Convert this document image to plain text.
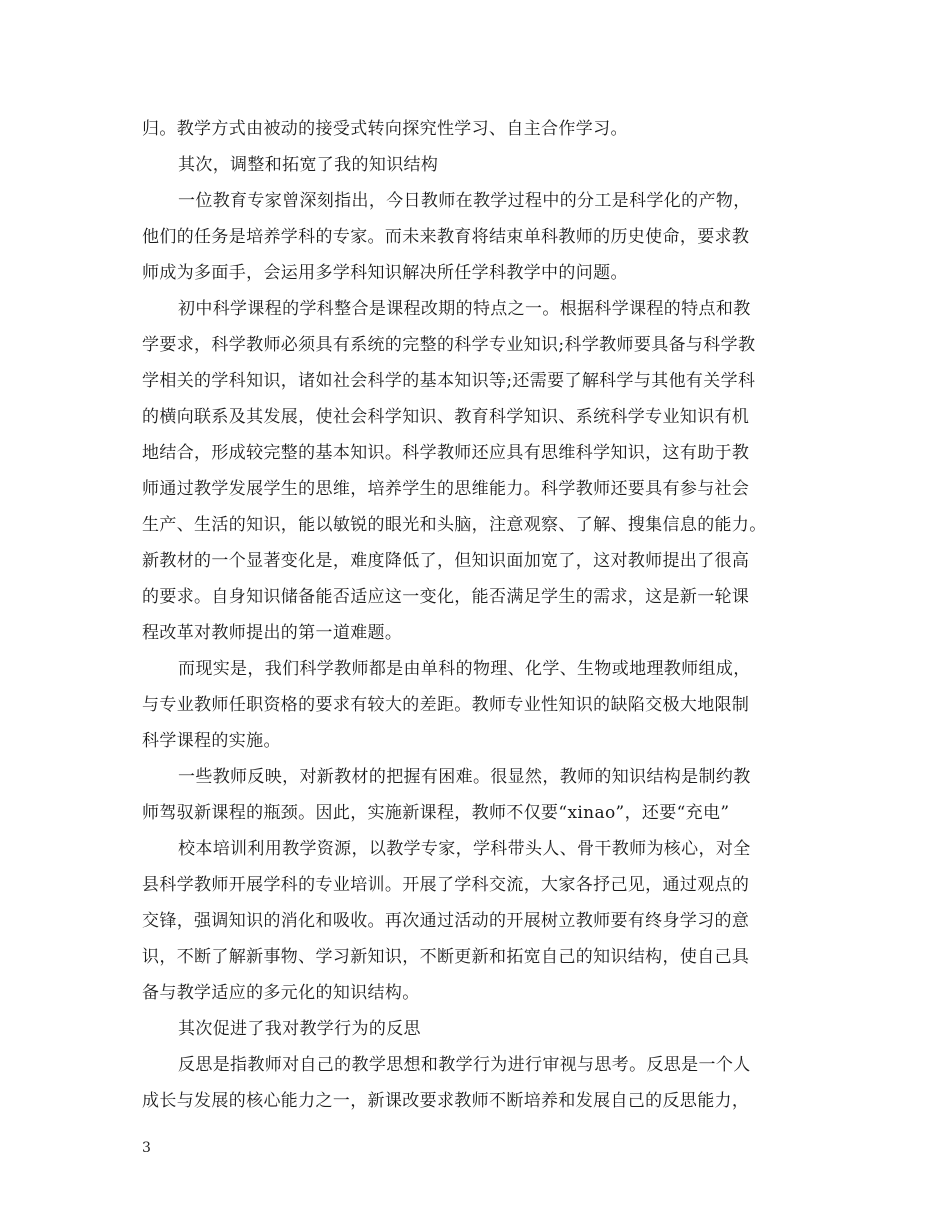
归。教学方式由被动的接受式转向探究性学习、自主合作学习。
其次，调整和拓宽了我的知识结构
一位教育专家曾深刻指出，今日教师在教学过程中的分工是科学化的产物，
他们的任务是培养学科的专家。而未来教育将结束单科教师的历史使命，要求教
师成为多面手，会运用多学科知识解决所任学科教学中的问题。
初中科学课程的学科整合是课程改期的特点之一。根据科学课程的特点和教
学要求，科学教师必须具有系统的完整的科学专业知识;科学教师要具备与科学教
学相关的学科知识，诸如社会科学的基本知识等;还需要了解科学与其他有关学科
的横向联系及其发展，使社会科学知识、教育科学知识、系统科学专业知识有机
地结合，形成较完整的基本知识。科学教师还应具有思维科学知识，这有助于教
师通过教学发展学生的思维，培养学生的思维能力。科学教师还要具有参与社会
生产、生活的知识，能以敏锐的眼光和头脑，注意观察、了解、搜集信息的能力。
新教材的一个显著变化是，难度降低了，但知识面加宽了，这对教师提出了很高
的要求。自身知识储备能否适应这一变化，能否满足学生的需求，这是新一轮课
程改革对教师提出的第一道难题。
而现实是，我们科学教师都是由单科的物理、化学、生物或地理教师组成，
与专业教师任职资格的要求有较大的差距。教师专业性知识的缺陷交极大地限制
科学课程的实施。
一些教师反映，对新教材的把握有困难。很显然，教师的知识结构是制约教
师驾驭新课程的瓶颈。因此，实施新课程，教师不仅要“xinao”，还要“充电”
校本培训利用教学资源，以教学专家，学科带头人、骨干教师为核心，对全
县科学教师开展学科的专业培训。开展了学科交流，大家各抒己见，通过观点的
交锋，强调知识的消化和吸收。再次通过活动的开展树立教师要有终身学习的意
识，不断了解新事物、学习新知识，不断更新和拓宽自己的知识结构，使自己具
备与教学适应的多元化的知识结构。
其次促进了我对教学行为的反思
反思是指教师对自己的教学思想和教学行为进行审视与思考。反思是一个人
成长与发展的核心能力之一，新课改要求教师不断培养和发展自己的反思能力，
3
